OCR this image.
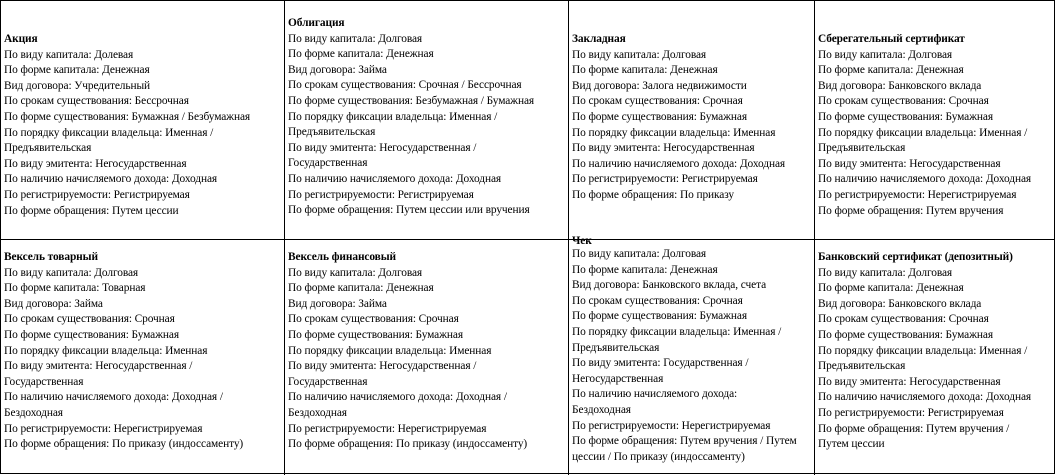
Акция
По виду капитала: Долевая
По форме капитала: Денежная
Вид договора: Учредительный
По срокам существования: Бессрочная
По форме существования: Бумажная / Безбумажная
По порядку фиксации владельца: Именная /
Предъявительская
По виду эмитента: Негосударственная
По наличию начисляемого дохода: Доходная
По регистрируемости: Регистрируемая
По форме обращения: Путем цессии
Облигация
По виду капитала: Долговая
По форме капитала: Денежная
Вид договора: Займа
По срокам существования: Срочная / Бессрочная
По форме существования: Безбумажная / Бумажная
По порядку фиксации владельца: Именная /
Предъявительская
По виду эмитента: Негосударственная /
Государственная
По наличию начисляемого дохода: Доходная
По регистрируемости: Регистрируемая
По форме обращения: Путем цессии или вручения
Закладная
По виду капитала: Долговая
По форме капитала: Денежная
Вид договора: Залога недвижимости
По срокам существования: Срочная
По форме существования: Бумажная
По порядку фиксации владельца: Именная
По виду эмитента: Негосударственная
По наличию начисляемого дохода: Доходная
По регистрируемости: Регистрируемая
По форме обращения: По приказу
Сберегательный сертификат
По виду капитала: Долговая
По форме капитала: Денежная
Вид договора: Банковского вклада
По срокам существования: Срочная
По форме существования: Бумажная
По порядку фиксации владельца: Именная /
Предъявительская
По виду эмитента: Негосударственная
По наличию начисляемого дохода: Доходная
По регистрируемости: Нерегистрируемая
По форме обращения: Путем вручения
Вексель товарный
По виду капитала: Долговая
По форме капитала: Товарная
Вид договора: Займа
По срокам существования: Срочная
По форме существования: Бумажная
По порядку фиксации владельца: Именная
По виду эмитента: Негосударственная /
Государственная
По наличию начисляемого дохода: Доходная /
Бездоходная
По регистрируемости: Нерегистрируемая
По форме обращения: По приказу (индоссаменту)
Вексель финансовый
По виду капитала: Долговая
По форме капитала: Денежная
Вид договора: Займа
По срокам существования: Срочная
По форме существования: Бумажная
По порядку фиксации владельца: Именная
По виду эмитента: Негосударственная /
Государственная
По наличию начисляемого дохода: Доходная /
Бездоходная
По регистрируемости: Нерегистрируемая
По форме обращения: По приказу (индоссаменту)
Чек
По виду капитала: Долговая
По форме капитала: Денежная
Вид договора: Банковского вклада, счета
По срокам существования: Срочная
По форме существования: Бумажная
По порядку фиксации владельца: Именная /
Предъявительская
По виду эмитента: Государственная /
Негосударственная
По наличию начисляемого дохода:
Бездоходная
По регистрируемости: Нерегистрируемая
По форме обращения: Путем вручения / Путем
цессии / По приказу (индоссаменту)
Банковский сертификат (депозитный)
По виду капитала: Долговая
По форме капитала: Денежная
Вид договора: Банковского вклада
По срокам существования: Срочная
По форме существования: Бумажная
По порядку фиксации владельца: Именная /
Предъявительская
По виду эмитента: Негосударственная
По наличию начисляемого дохода: Доходная
По регистрируемости: Регистрируемая
По форме обращения: Путем вручения /
Путем цессии
